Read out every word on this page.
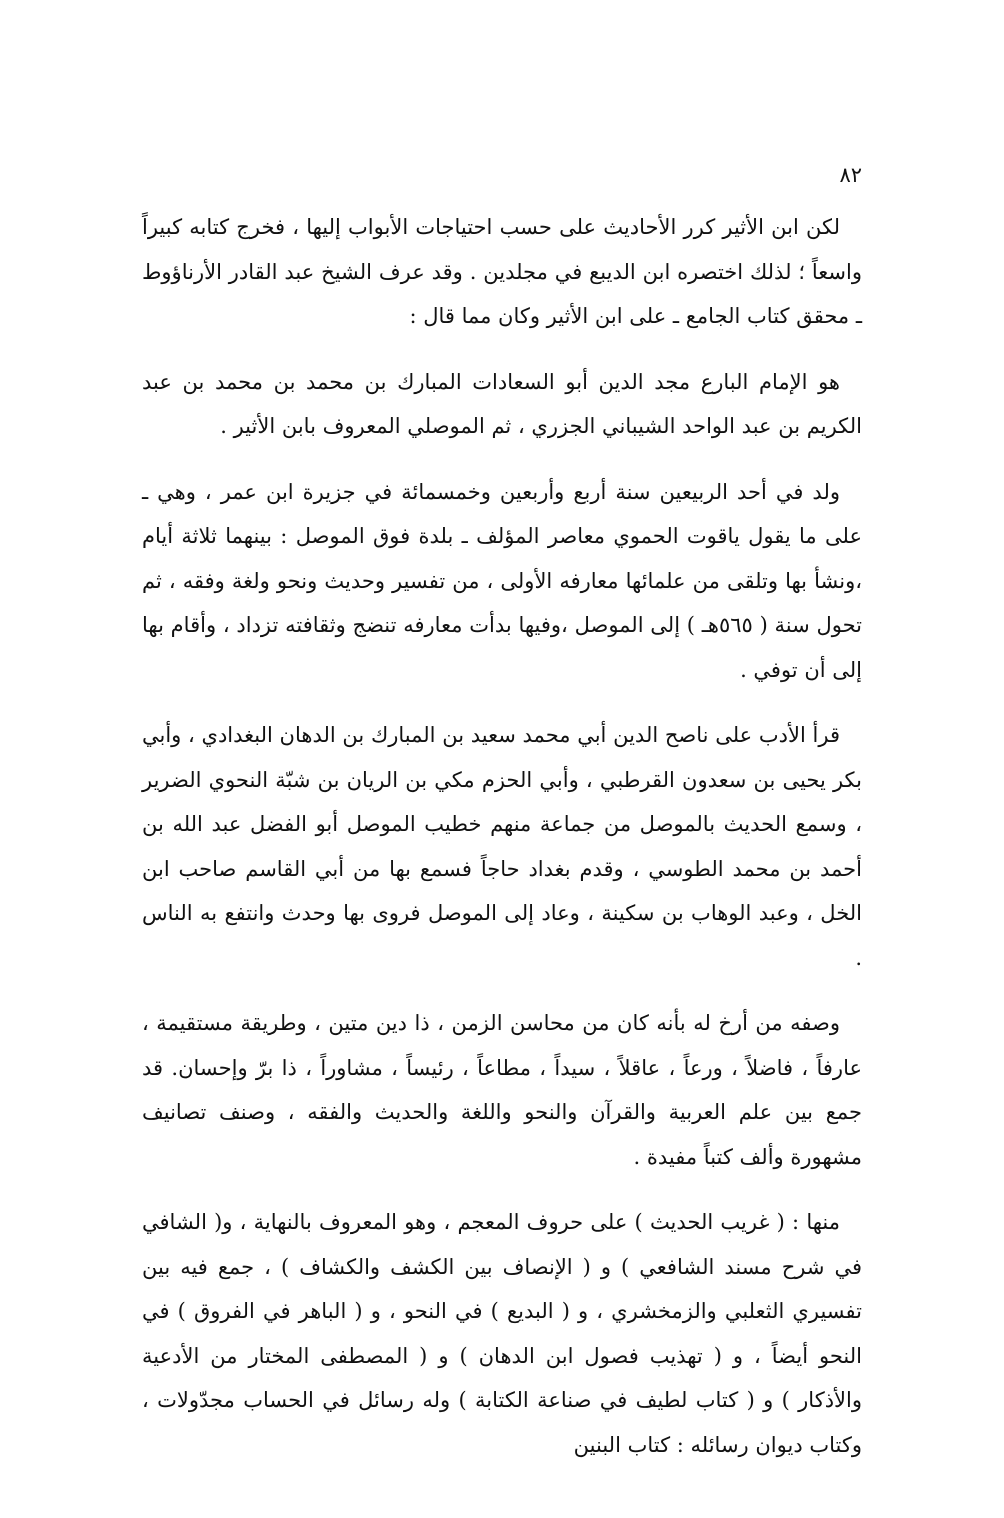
٨٢

لكن ابن الأثير كرر الأحاديث على حسب احتياجات الأبواب إليها ، فخرج كتابه كبيراً واسعاً ؛ لذلك اختصره ابن الديبع في مجلدين . وقد عرف الشيخ عبد القادر الأرناؤوط ـ محقق كتاب الجامع ـ على ابن الأثير وكان مما قال :

هو الإمام البارع مجد الدين أبو السعادات المبارك بن محمد بن محمد بن عبد الكريم بن عبد الواحد الشيباني الجزري ، ثم الموصلي المعروف بابن الأثير .

ولد في أحد الربيعين سنة أربع وأربعين وخمسمائة في جزيرة ابن عمر ، وهي ـ على ما يقول ياقوت الحموي معاصر المؤلف ـ بلدة فوق الموصل : بينهما ثلاثة أيام ،ونشأ بها وتلقى من علمائها معارفه الأولى ، من تفسير وحديث ونحو ولغة وفقه ، ثم تحول سنة ( ٥٦٥هـ ) إلى الموصل ،وفيها بدأت معارفه تنضج وثقافته تزداد ، وأقام بها إلى أن توفي .

قرأ الأدب على ناصح الدين أبي محمد سعيد بن المبارك بن الدهان البغدادي ، وأبي بكر يحيى بن سعدون القرطبي ، وأبي الحزم مكي بن الريان بن شبّة النحوي الضرير ، وسمع الحديث بالموصل من جماعة منهم خطيب الموصل أبو الفضل عبد الله بن أحمد بن محمد الطوسي ، وقدم بغداد حاجاً فسمع بها من أبي القاسم صاحب ابن الخل ، وعبد الوهاب بن سكينة ، وعاد إلى الموصل فروى بها وحدث وانتفع به الناس .

وصفه من أرخ له بأنه كان من محاسن الزمن ، ذا دين متين ، وطريقة مستقيمة ، عارفاً ، فاضلاً ، ورعاً ، عاقلاً ، سيداً ، مطاعاً ، رئيساً ، مشاوراً ، ذا برّ وإحسان. قد جمع بين علم العربية والقرآن والنحو واللغة والحديث والفقه ، وصنف تصانيف مشهورة وألف كتباً مفيدة .

منها : ( غريب الحديث ) على حروف المعجم ، وهو المعروف بالنهاية ، و( الشافي في شرح مسند الشافعي ) و ( الإنصاف بين الكشف والكشاف ) ، جمع فيه بين تفسيري الثعلبي والزمخشري ، و ( البديع ) في النحو ، و ( الباهر في الفروق ) في النحو أيضاً ، و ( تهذيب فصول ابن الدهان ) و ( المصطفى المختار من الأدعية والأذكار ) و ( كتاب لطيف في صناعة الكتابة ) وله رسائل في الحساب مجدّولات ، وكتاب ديوان رسائله : كتاب البنين
